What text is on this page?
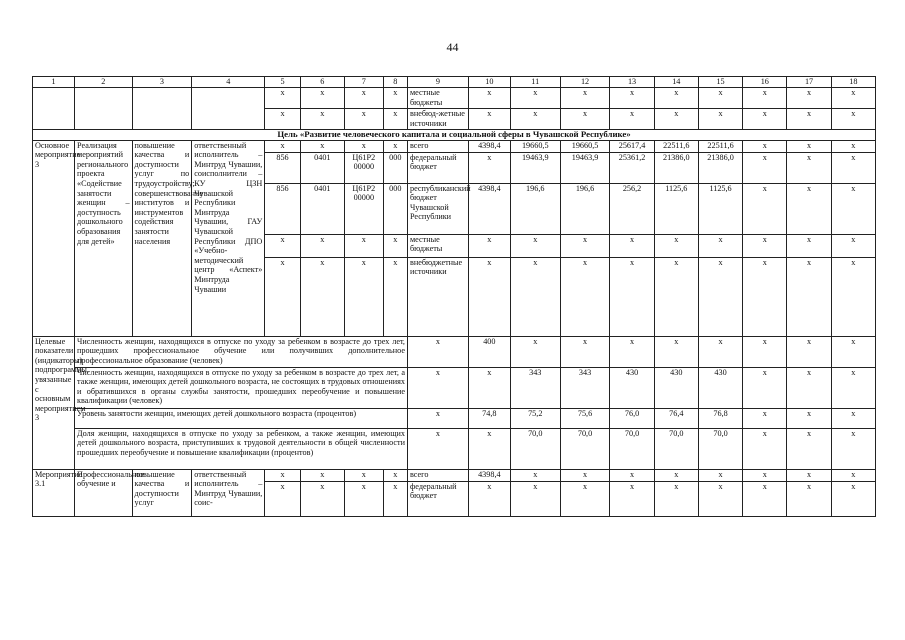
44
1	2	3	4	5	6	7	8	9	10	11	12	13	14	15	16	17	18
				x	x	x	x	местные бюджеты	x	x	x	x	x	x	x	x	x
				x	x	x	x	внебюд-жетные источники	x	x	x	x	x	x	x	x	x
Цель «Развитие человеческого капитала и социальной сферы в Чувашской Республике»																	
Основное мероприятие 3	Реализация мероприятий регионального проекта «Содействие занятости женщин – доступность дошкольного образования для детей»	повышение качества и доступности услуг по трудоустройству; совершенствование институтов и инструментов содействия занятости населения	ответственный исполнитель – Минтруд Чувашии, соисполнители – КУ ЦЗН Чувашской Республики Минтруда Чувашии, ГАУ Чувашской Республики ДПО «Учебно-методический центр «Аспект» Минтруда Чувашии	x	x	x	x	всего	4398,4	19660,5	19660,5	25617,4	22511,6	22511,6	x	x	x
				856	0401	Ц61Р2 00000	000	федеральный бюджет	x	19463,9	19463,9	25361,2	21386,0	21386,0	x	x	x
				856	0401	Ц61Р2 00000	000	республиканский бюджет Чувашской Республики	4398,4	196,6	196,6	256,2	1125,6	1125,6	x	x	x
				x	x	x	x	местные бюджеты	x	x	x	x	x	x	x	x	x
				x	x	x	x	внебюджетные источники	x	x	x	x	x	x	x	x	x
Целевые показатели (индикаторы) подпрограммы, увязанные с основным мероприятием 3	Численность женщин, находящихся в отпуске по уходу за ребенком в возрасте до трех лет, прошедших профессиональное обучение или получивших дополнительное профессиональное образование (человек)							x	400	x	x	x	x	x	x	x	x
	Численность женщин, находящихся в отпуске по уходу за ребенком в возрасте до трех лет, а также женщин, имеющих детей дошкольного возраста, не состоящих в трудовых отношениях и обратившихся в органы службы занятости, прошедших переобучение и повышение квалификации (человек)							x	x	343	343	430	430	430	x	x	x
	Уровень занятости женщин, имеющих детей дошкольного возраста (процентов)							x	74,8	75,2	75,6	76,0	76,4	76,8	x	x	x
	Доля женщин, находящихся в отпуске по уходу за ребенком, а также женщин, имеющих детей дошкольного возраста, приступивших к трудовой деятельности в общей численности прошедших переобучение и повышение квалификации (процентов)							x	x	70,0	70,0	70,0	70,0	70,0	x	x	x
Мероприятие 3.1	Профессиональное обучение и	повышение качества и доступности услуг	ответственный исполнитель – Минтруд Чувашии, соис-	x	x	x	x	всего	4398,4	x	x	x	x	x	x	x	x
				x	x	x	x	федеральный бюджет	x	x	x	x	x	x	x	x	x
